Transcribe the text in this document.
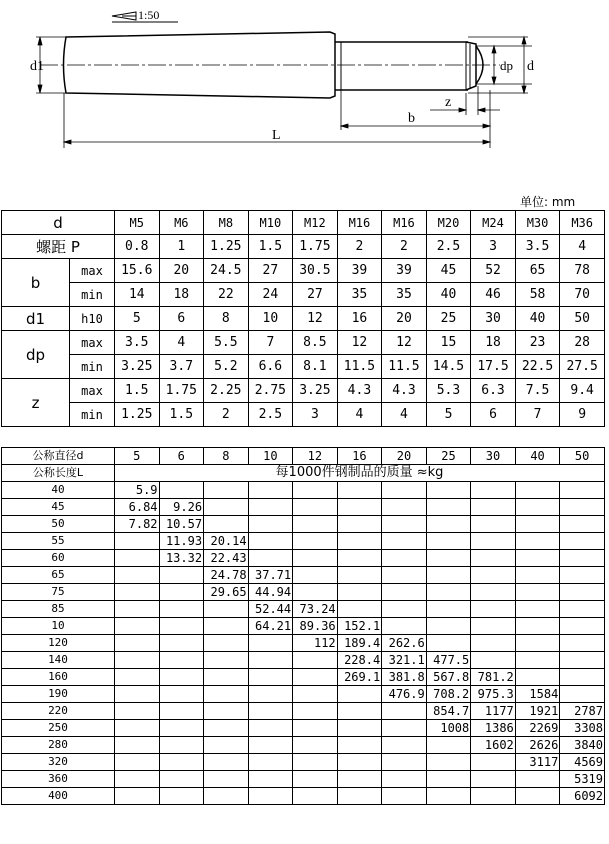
1:50
d1	dp d
z
b
L
单位: mm
d		M5	M6	M8	M10	M12	M16	M16	M20	M24	M30	M36
螺距 P		0.8	1	1.25	1.5	1.75	2	2	2.5	3	3.5	4
b	max	15.6	20	24.5	27	30.5	39	39	45	52	65	78
	min	14	18	22	24	27	35	35	40	46	58	70
d1	h10	5	6	8	10	12	16	20	25	30	40	50
dp	max	3.5	4	5.5	7	8.5	12	12	15	18	23	28
	min	3.25	3.7	5.2	6.6	8.1	11.5	11.5	14.5	17.5	22.5	27.5
z	max	1.5	1.75	2.25	2.75	3.25	4.3	4.3	5.3	6.3	7.5	9.4
	min	1.25	1.5	2	2.5	3	4	4	5	6	7	9
公称直径d	5	6	8	10	12	16	20	25	30	40	50
公称长度L	每1000件钢制品的质量 ≈kg										
40	5.9										
45	6.84	9.26									
50	7.82	10.57									
55		11.93	20.14								
60		13.32	22.43								
65			24.78	37.71							
75			29.65	44.94							
85				52.44	73.24						
10				64.21	89.36	152.1					
120					112	189.4	262.6				
140						228.4	321.1	477.5			
160						269.1	381.8	567.8	781.2		
190							476.9	708.2	975.3	1584	
220								854.7	1177	1921	2787
250								1008	1386	2269	3308
280									1602	2626	3840
320										3117	4569
360											5319
400											6092
